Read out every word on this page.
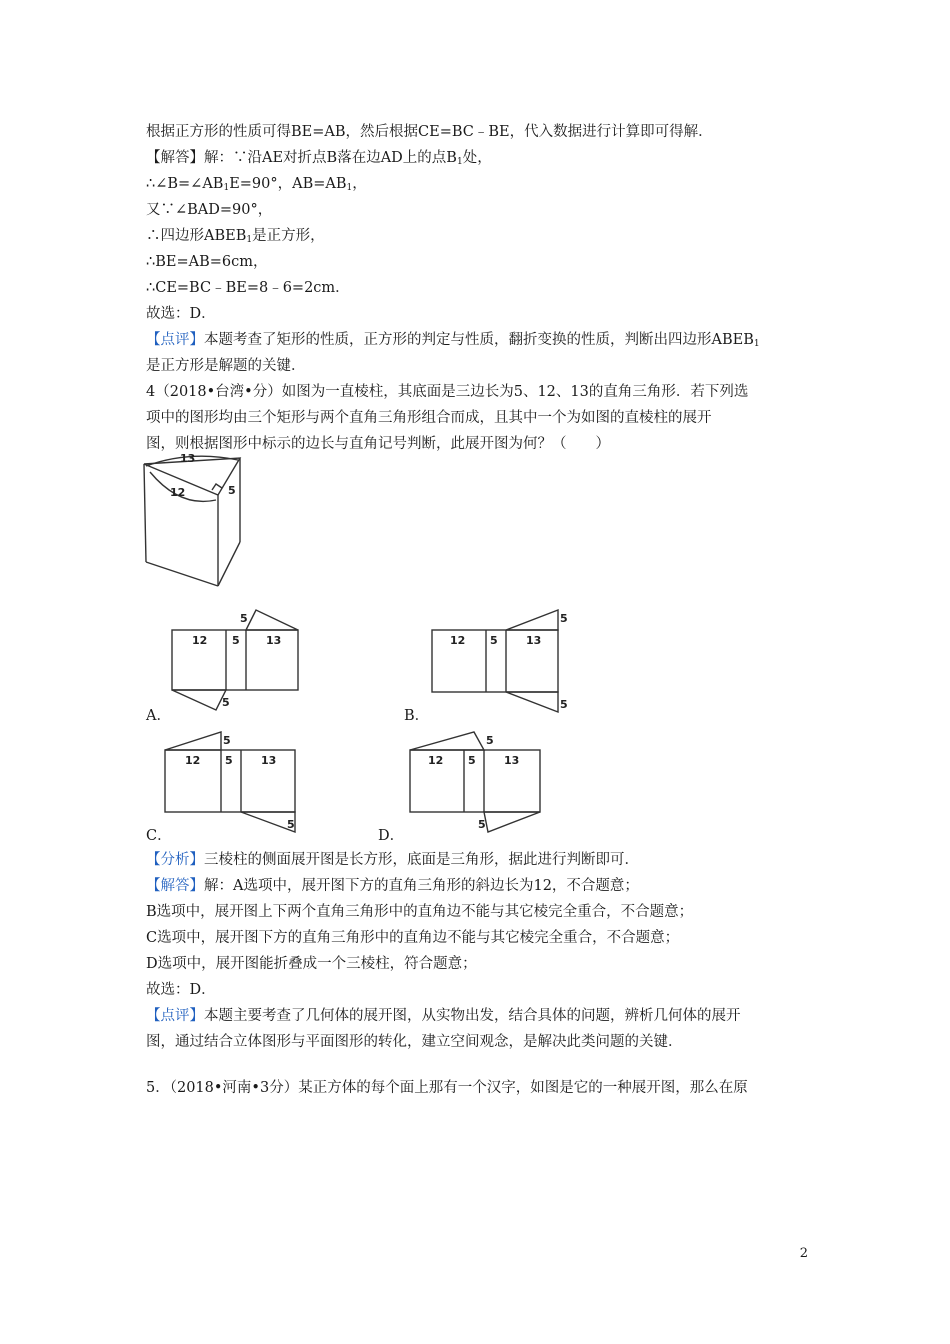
根据正方形的性质可得BE=AB，然后根据CE=BC﹣BE，代入数据进行计算即可得解．
【解答】解：∵沿AE对折点B落在边AD上的点$B_1$处，
$\therefore\angle B=\angle AB_1E=90^\circ$，$AB=AB_1$，
又∵∠BAD=90°，
∴四边形$ABEB_1$是正方形，
∴BE=AB=6cm，
∴CE=BC﹣BE=8﹣6=2cm．
故选：D．
【点评】本题考查了矩形的性质，正方形的判定与性质，翻折变换的性质，判断出四边形$ABEB_1$
是正方形是解题的关键．
4（2018•台湾•分）如图为一直棱柱，其底面是三边长为5、12、13的直角三角形．若下列选
项中的图形均由三个矩形与两个直角三角形组合而成，且其中一个为如图的直棱柱的展开
图，则根据图形中标示的边长与直角记号判断，此展开图为何？（　　）
13
12	5
12 5 13
5
5
A．
12 5	13
5
5
B．
12 5	13
5
5
C．
12 5	13
5
5
D．
【分析】三棱柱的侧面展开图是长方形，底面是三角形，据此进行判断即可．
【解答】解：A选项中，展开图下方的直角三角形的斜边长为12，不合题意；
B选项中，展开图上下两个直角三角形中的直角边不能与其它棱完全重合，不合题意；
C选项中，展开图下方的直角三角形中的直角边不能与其它棱完全重合，不合题意；
D选项中，展开图能折叠成一个三棱柱，符合题意；
故选：D．
【点评】本题主要考查了几何体的展开图，从实物出发，结合具体的问题，辨析几何体的展开
图，通过结合立体图形与平面图形的转化，建立空间观念，是解决此类问题的关键．
5．（2018•河南•3分）某正方体的每个面上那有一个汉字，如图是它的一种展开图，那么在原
2
